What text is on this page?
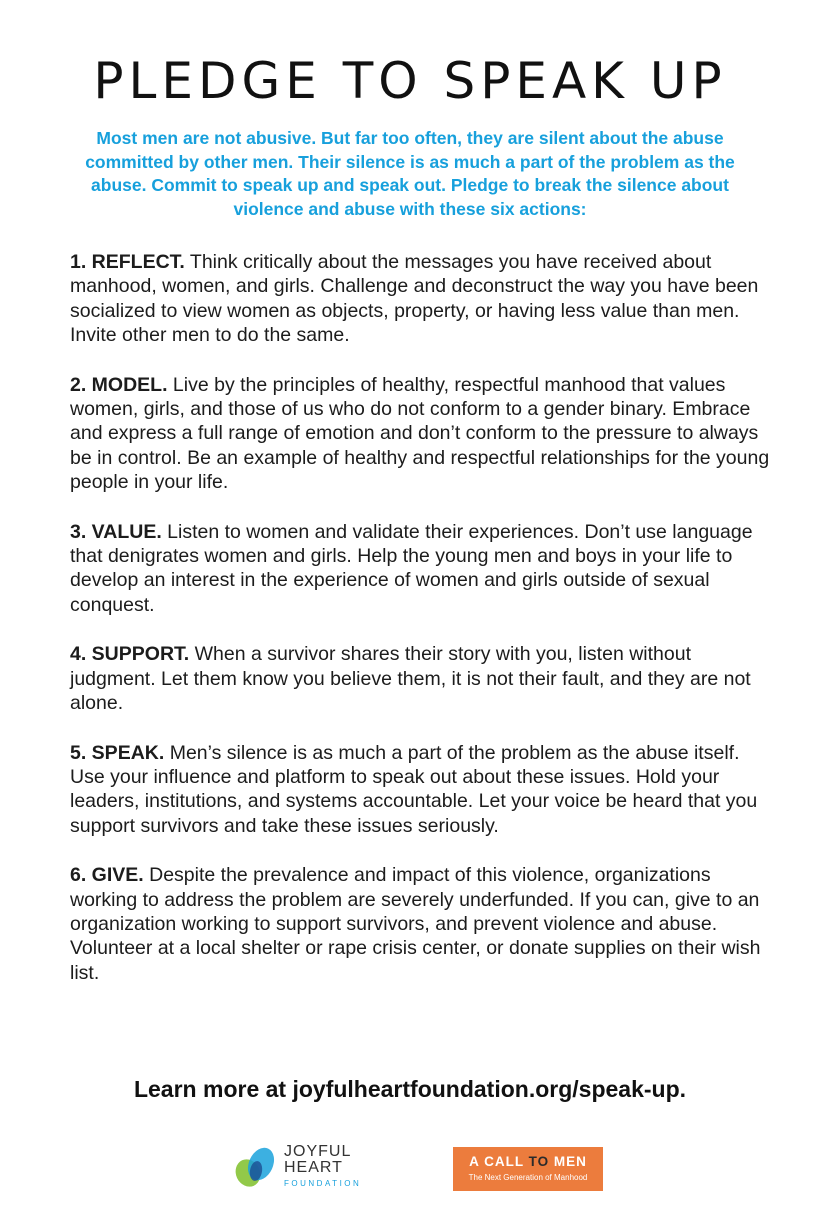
PLEDGE TO SPEAK UP

Most men are not abusive. But far too often, they are silent about the abuse committed by other men. Their silence is as much a part of the problem as the abuse. Commit to speak up and speak out. Pledge to break the silence about violence and abuse with these six actions:

1. REFLECT. Think critically about the messages you have received about manhood, women, and girls. Challenge and deconstruct the way you have been socialized to view women as objects, property, or having less value than men. Invite other men to do the same.
2. MODEL. Live by the principles of healthy, respectful manhood that values women, girls, and those of us who do not conform to a gender binary. Embrace and express a full range of emotion and don’t conform to the pressure to always be in control. Be an example of healthy and respectful relationships for the young people in your life.
3. VALUE. Listen to women and validate their experiences. Don’t use language that denigrates women and girls. Help the young men and boys in your life to develop an interest in the experience of women and girls outside of sexual conquest.
4. SUPPORT. When a survivor shares their story with you, listen without judgment. Let them know you believe them, it is not their fault, and they are not alone.
5. SPEAK. Men’s silence is as much a part of the problem as the abuse itself. Use your influence and platform to speak out about these issues. Hold your leaders, institutions, and systems accountable. Let your voice be heard that you support survivors and take these issues seriously.
6. GIVE. Despite the prevalence and impact of this violence, organizations working to address the problem are severely underfunded. If you can, give to an organization working to support survivors, and prevent violence and abuse. Volunteer at a local shelter or rape crisis center, or donate supplies on their wish list.

Learn more at joyfulheartfoundation.org/speak-up.

JOYFUL
HEART
FOUNDATION
A CALL TO MEN
The Next Generation of Manhood
